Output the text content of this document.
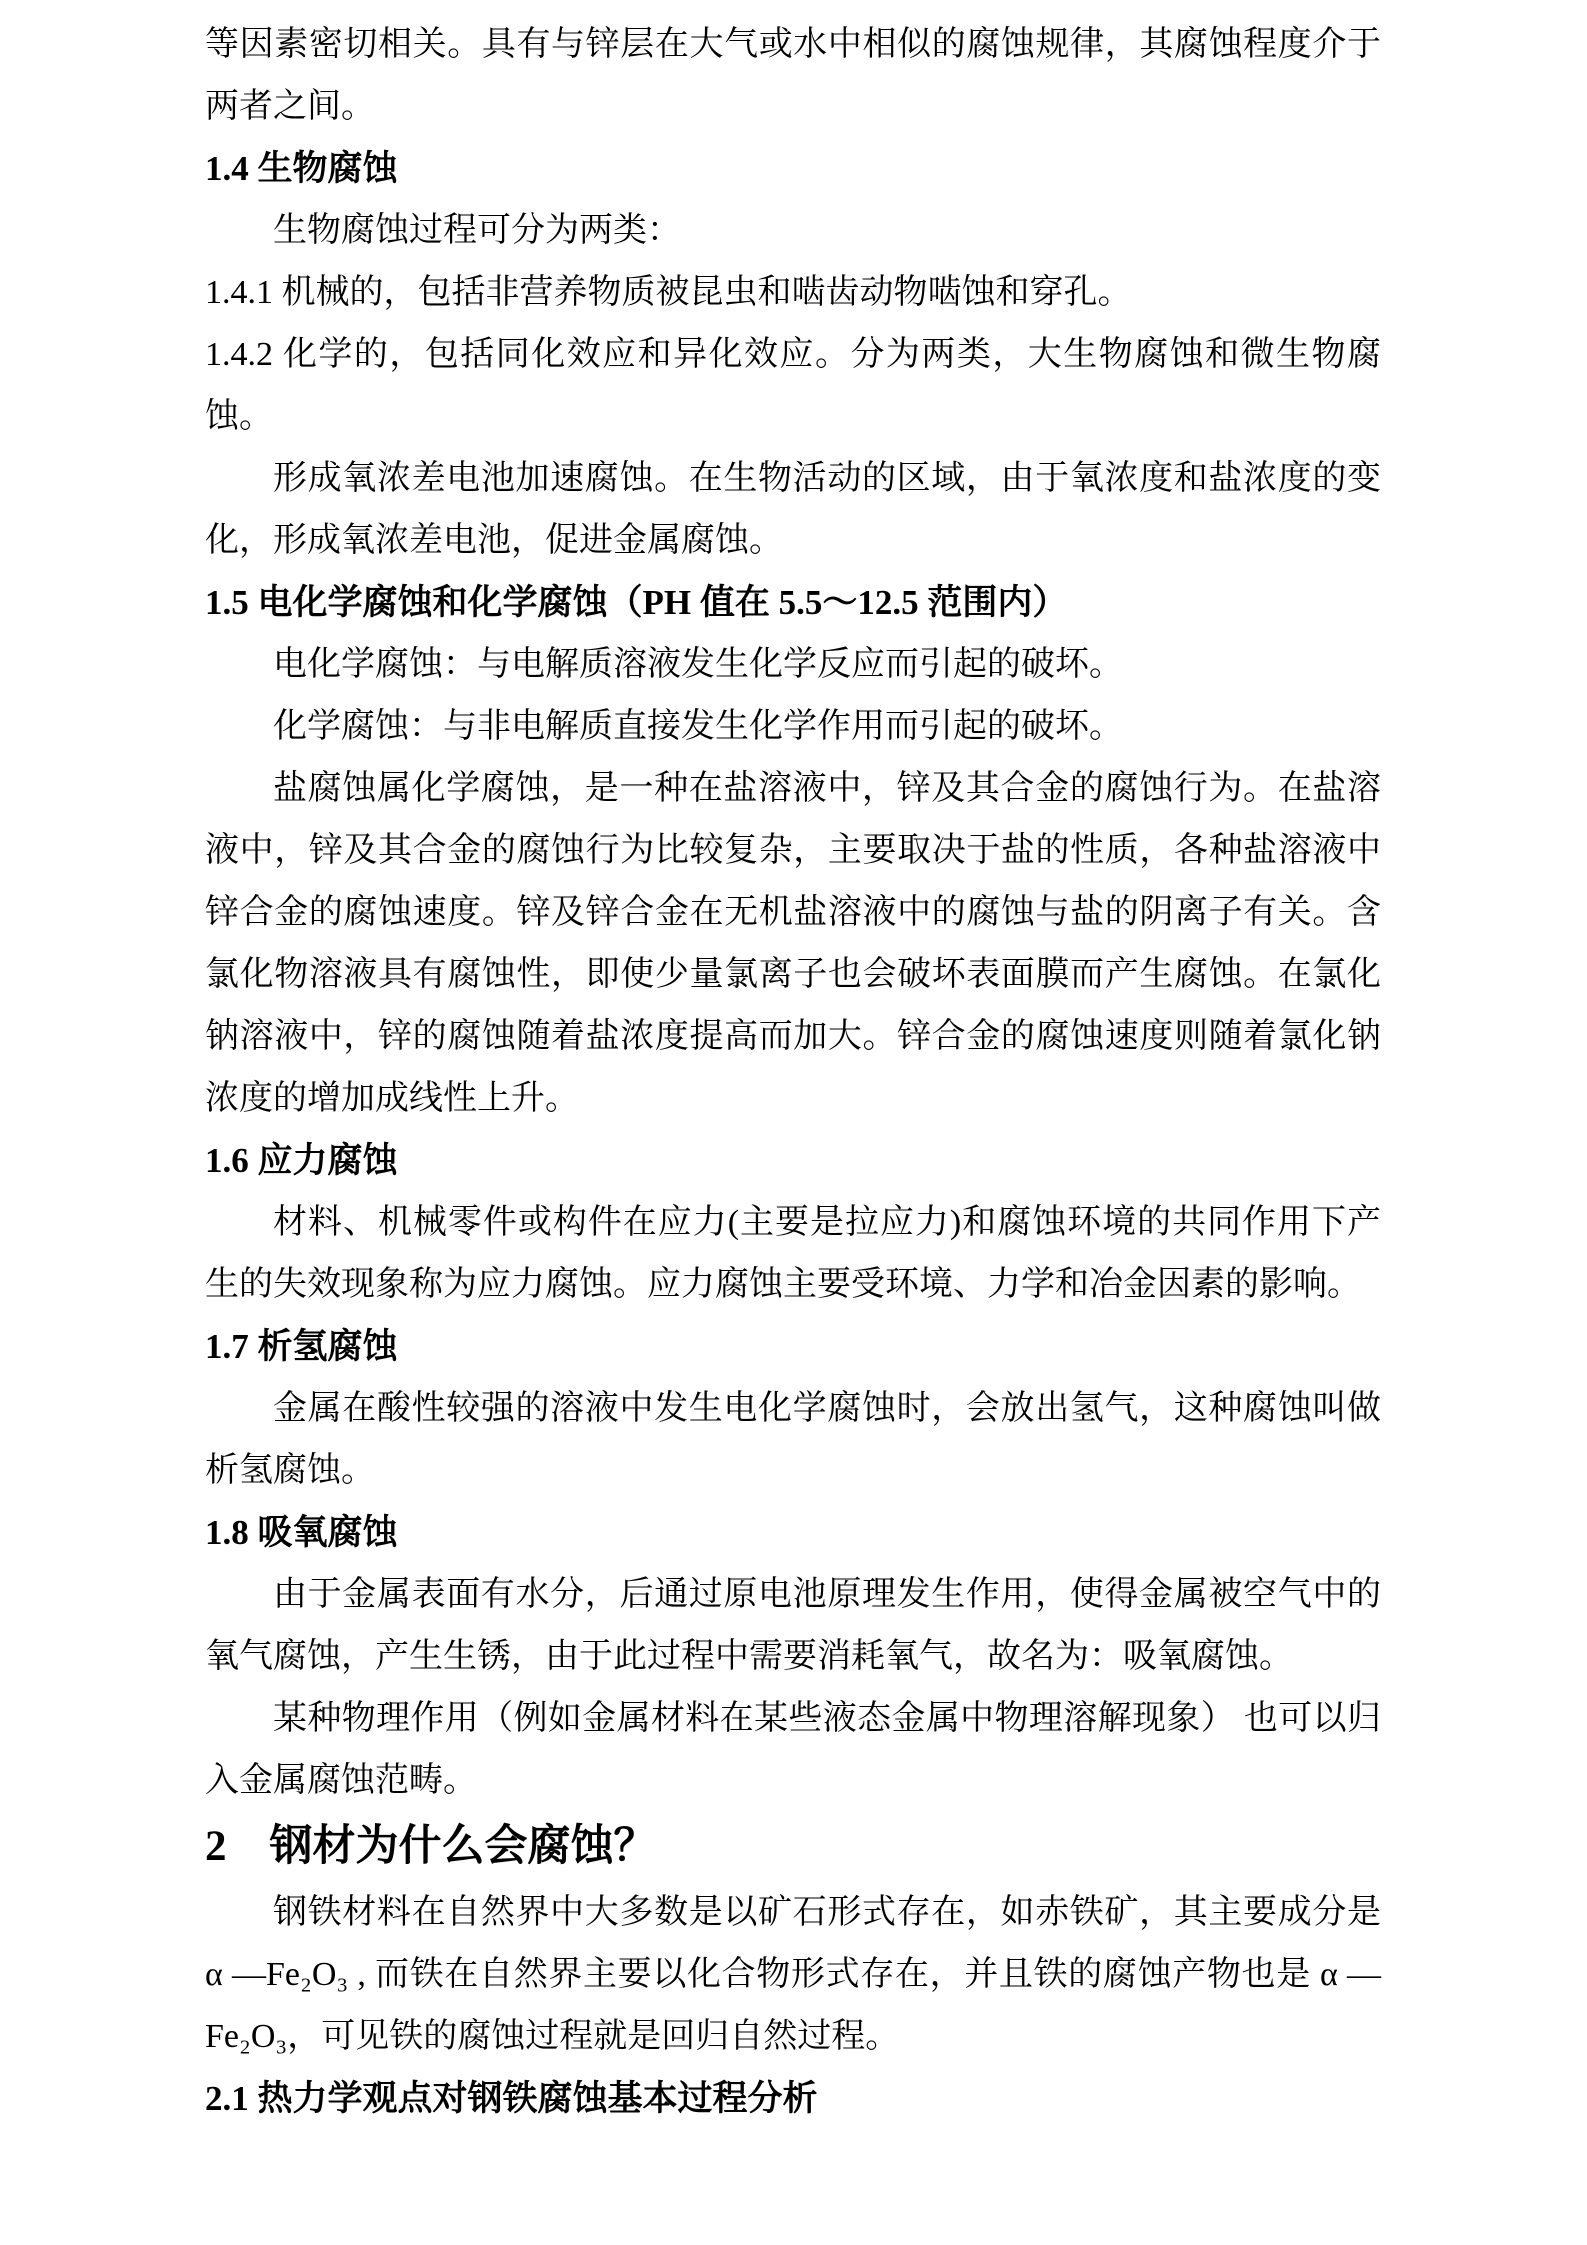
等因素密切相关。具有与锌层在大气或水中相似的腐蚀规律，其腐蚀程度介于两者之间。

1.4 生物腐蚀

生物腐蚀过程可分为两类：

1.4.1 机械的，包括非营养物质被昆虫和啮齿动物啮蚀和穿孔。

1.4.2 化学的，包括同化效应和异化效应。分为两类，大生物腐蚀和微生物腐蚀。

形成氧浓差电池加速腐蚀。在生物活动的区域，由于氧浓度和盐浓度的变化，形成氧浓差电池，促进金属腐蚀。

1.5 电化学腐蚀和化学腐蚀（PH 值在 5.5～12.5 范围内）

电化学腐蚀：与电解质溶液发生化学反应而引起的破坏。

化学腐蚀：与非电解质直接发生化学作用而引起的破坏。

盐腐蚀属化学腐蚀，是一种在盐溶液中，锌及其合金的腐蚀行为。在盐溶液中，锌及其合金的腐蚀行为比较复杂，主要取决于盐的性质，各种盐溶液中锌合金的腐蚀速度。锌及锌合金在无机盐溶液中的腐蚀与盐的阴离子有关。含氯化物溶液具有腐蚀性，即使少量氯离子也会破坏表面膜而产生腐蚀。在氯化钠溶液中，锌的腐蚀随着盐浓度提高而加大。锌合金的腐蚀速度则随着氯化钠浓度的增加成线性上升。

1.6 应力腐蚀

材料、机械零件或构件在应力(主要是拉应力)和腐蚀环境的共同作用下产生的失效现象称为应力腐蚀。应力腐蚀主要受环境、力学和冶金因素的影响。

1.7 析氢腐蚀

金属在酸性较强的溶液中发生电化学腐蚀时，会放出氢气，这种腐蚀叫做析氢腐蚀。

1.8 吸氧腐蚀

由于金属表面有水分，后通过原电池原理发生作用，使得金属被空气中的氧气腐蚀，产生生锈，由于此过程中需要消耗氧气，故名为：吸氧腐蚀。

某种物理作用（例如金属材料在某些液态金属中物理溶解现象） 也可以归入金属腐蚀范畴。

2　钢材为什么会腐蚀？

钢铁材料在自然界中大多数是以矿石形式存在，如赤铁矿，其主要成分是 α —Fe₂O₃ , 而铁在自然界主要以化合物形式存在，并且铁的腐蚀产物也是 α —Fe₂O₃，可见铁的腐蚀过程就是回归自然过程。

2.1 热力学观点对钢铁腐蚀基本过程分析
